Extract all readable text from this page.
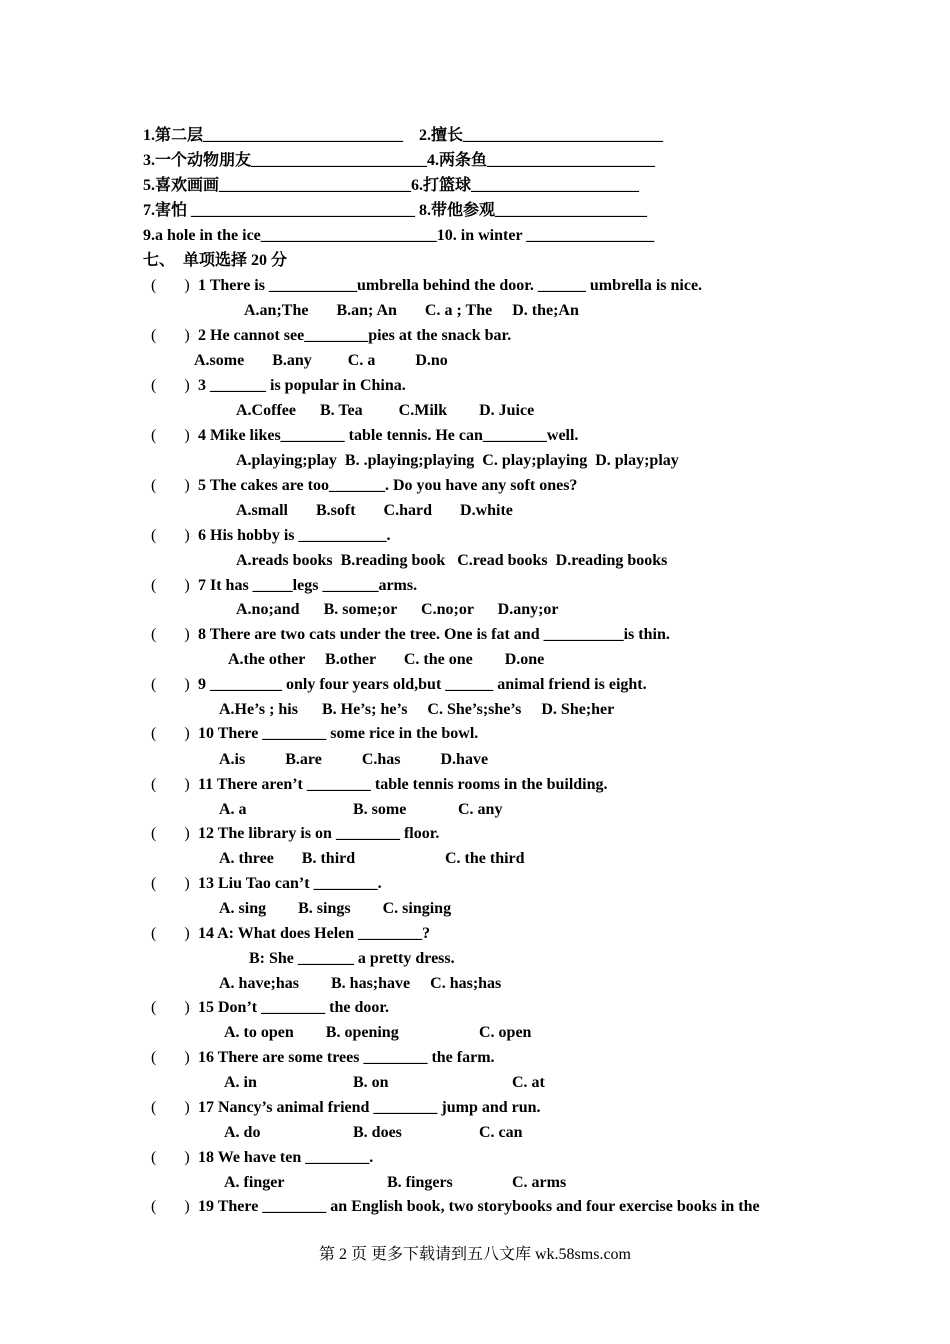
1.第二层_________________________    2.擅长_________________________
3.一个动物朋友______________________4.两条鱼_____________________
5.喜欢画画________________________6.打篮球_____________________
7.害怕 ____________________________ 8.带他参观___________________
9.a hole in the ice______________________10. in winter ________________
七、  单项选择 20 分
(       ) 1 There is ___________umbrella behind the door. ______ umbrella is nice.
A.an;The       B.an; An       C. a ; The     D. the;An
(       ) 2 He cannot see________pies at the snack bar.
A.some       B.any         C. a          D.no
(       ) 3 _______ is popular in China.
A.Coffee      B. Tea         C.Milk        D. Juice
(       ) 4 Mike likes________ table tennis. He can________well.
A.playing;play  B. .playing;playing  C. play;playing  D. play;play
(       ) 5 The cakes are too_______. Do you have any soft ones?
A.small       B.soft       C.hard       D.white
(       ) 6 His hobby is ___________.
A.reads books  B.reading book   C.read books  D.reading books
(       ) 7 It has _____legs _______arms.
A.no;and      B. some;or      C.no;or      D.any;or
(       ) 8 There are two cats under the tree. One is fat and __________is thin.
A.the other     B.other       C. the one        D.one
(       ) 9 _________ only four years old,but ______ animal friend is eight.
A.He’s ; his      B. He’s; he’s     C. She’s;she’s     D. She;her
(       ) 10 There ________ some rice in the bowl.
A.is          B.are          C.has          D.have
(       ) 11 There aren’t ________ table tennis rooms in the building.
A. a	B. some	C. any
(       ) 12 The library is on ________ floor.
A. three       B. third	C. the third
(       ) 13 Liu Tao can’t ________.
A. sing        B. sings        C. singing
(       ) 14 A: What does Helen ________?
B: She _______ a pretty dress.
A. have;has        B. has;have     C. has;has
(       ) 15 Don’t ________ the door.
A. to open        B. opening	C. open
(       ) 16 There are some trees ________ the farm.
A. in	B. on	C. at
(       ) 17 Nancy’s animal friend ________ jump and run.
A. do	B. does	C. can
(       ) 18 We have ten ________.
A. finger	B. fingers	C. arms
(       ) 19 There ________ an English book, two storybooks and four exercise books in the
第 2 页 更多下载请到五八文库 wk.58sms.com
